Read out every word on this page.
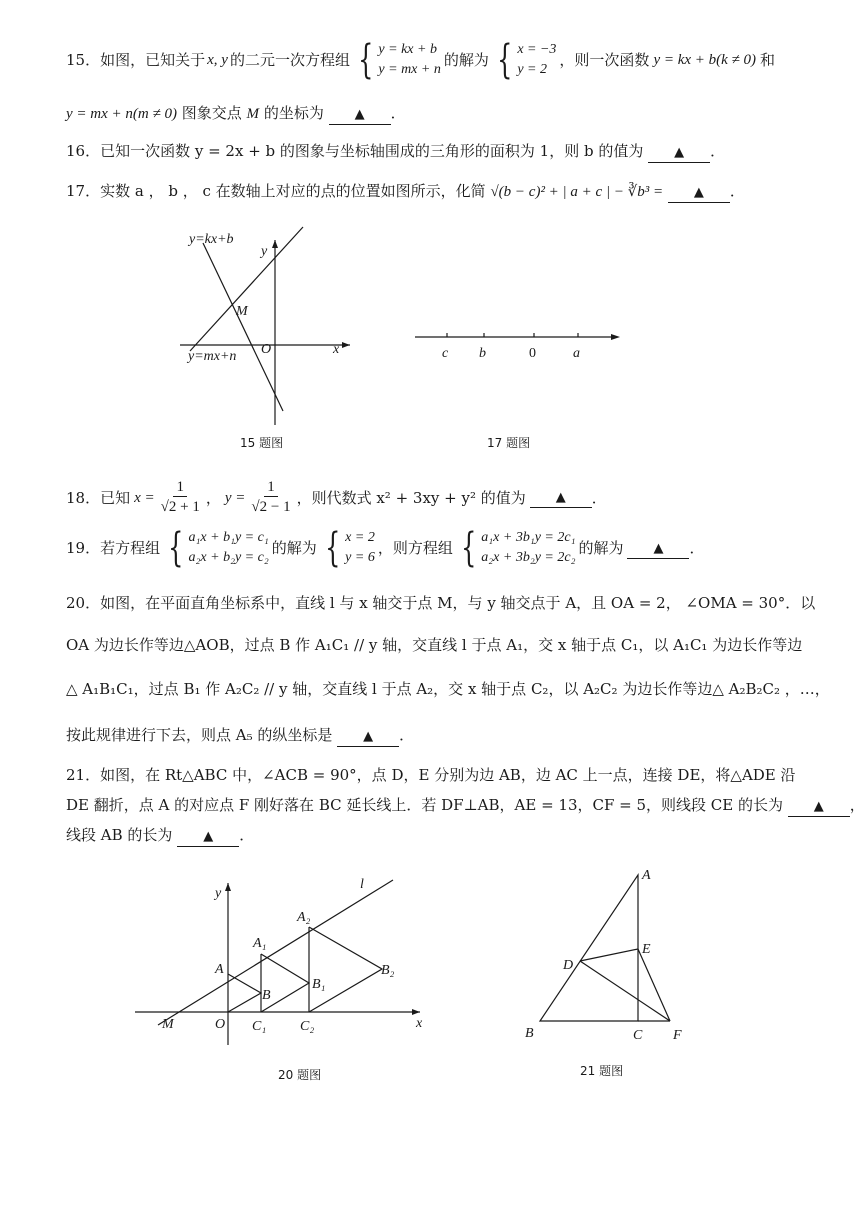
15． 如图，已知关于 x, y 的二元一次方程组 { y = kx + b
y = mx + n
的解为 { x = −3
y = 2
，则一次函数 y = kx + b(k ≠ 0) 和
y = mx + n(m ≠ 0) 图象交点 M 的坐标为 ▲ ．
16．已知一次函数 y = 2x + b 的图象与坐标轴围成的三角形的面积为 1，则 b 的值为 ▲ ．
17．实数 a ， b ， c 在数轴上对应的点的位置如图所示，化简 √(b − c)² + | a + c | − ∛b³ = ▲ ．
y=kx+b
y=mx+n
M
O	x
y
15 题图
c b	0	a
17 题图
18．已知 $x = \frac{1}{√2 + 1}$ ， $y = \frac{1}{√2 - 1}$ ，则代数式 x² + 3xy + y² 的值为	▲	．
19．若方程组 { a₁x + b₁y = c₁
a₂x + b₂y = c₂
的解为 { x = 2
y = 6
，则方程组 { a₁x + 3b₁y = 2c₁
a₂x + 3b₂y = 2c₂
的解为	▲	．
20．如图，在平面直角坐标系中，直线 l 与 x 轴交于点 M，与 y 轴交点于 A，且 OA = 2， ∠OMA = 30°．以
OA 为边长作等边△AOB，过点 B 作 A₁C₁ // y 轴，交直线 l 于点 A₁，交 x 轴于点 C₁，以 A₁C₁ 为边长作等边
△ A₁B₁C₁，过点 B₁ 作 A₂C₂ // y 轴，交直线 l 于点 A₂，交 x 轴于点 C₂，以 A₂C₂ 为边长作等边△ A₂B₂C₂ ，…，
按此规律进行下去，则点 A₅ 的纵坐标是 ▲ ．
21．如图，在 Rt△ABC 中，∠ACB = 90°，点 D，E 分别为边 AB，边 AC 上一点，连接 DE，将△ADE 沿
DE 翻折，点 A 的对应点 F 刚好落在 BC 延长线上．若 DF⊥AB，AE = 13，CF = 5，则线段 CE 的长为 ▲ ，
线段 AB 的长为 ▲ ．
l
y
x
A
A₁
A₂
B
B₁
B₂
M	O C₁ C₂
20 题图
A
B	C
D
E
F
21 题图
